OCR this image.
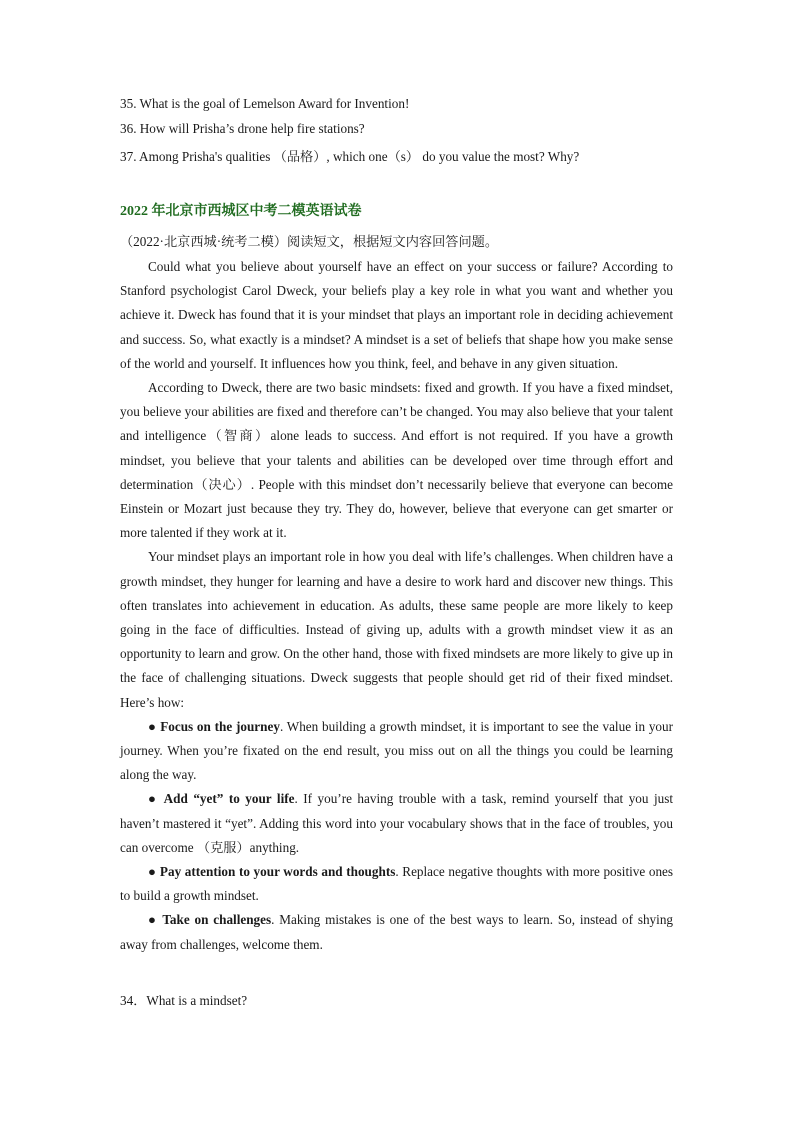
35. What is the goal of Lemelson Award for Invention!
36. How will Prisha’s drone help fire stations?
37. Among Prisha's qualities （品格）, which one（s） do you value the most? Why?
2022 年北京市西城区中考二模英语试卷
（2022·北京西城·统考二模）阅读短文，根据短文内容回答问题。

Could what you believe about yourself have an effect on your success or failure? According to Stanford psychologist Carol Dweck, your beliefs play a key role in what you want and whether you achieve it. Dweck has found that it is your mindset that plays an important role in deciding achievement and success. So, what exactly is a mindset? A mindset is a set of beliefs that shape how you make sense of the world and yourself. It influences how you think, feel, and behave in any given situation.

According to Dweck, there are two basic mindsets: fixed and growth. If you have a fixed mindset, you believe your abilities are fixed and therefore can’t be changed. You may also believe that your talent and intelligence（智商）alone leads to success. And effort is not required. If you have a growth mindset, you believe that your talents and abilities can be developed over time through effort and determination（决心）. People with this mindset don’t necessarily believe that everyone can become Einstein or Mozart just because they try. They do, however, believe that everyone can get smarter or more talented if they work at it.

Your mindset plays an important role in how you deal with life’s challenges. When children have a growth mindset, they hunger for learning and have a desire to work hard and discover new things. This often translates into achievement in education. As adults, these same people are more likely to keep going in the face of difficulties. Instead of giving up, adults with a growth mindset view it as an opportunity to learn and grow. On the other hand, those with fixed mindsets are more likely to give up in the face of challenging situations. Dweck suggests that people should get rid of their fixed mindset. Here’s how:

● Focus on the journey. When building a growth mindset, it is important to see the value in your journey. When you’re fixated on the end result, you miss out on all the things you could be learning along the way.

● Add “yet” to your life. If you’re having trouble with a task, remind yourself that you just haven’t mastered it “yet”. Adding this word into your vocabulary shows that in the face of troubles, you can overcome （克服）anything.

● Pay attention to your words and thoughts. Replace negative thoughts with more positive ones to build a growth mindset.

● Take on challenges. Making mistakes is one of the best ways to learn. So, instead of shying away from challenges, welcome them.

34．What is a mindset?
